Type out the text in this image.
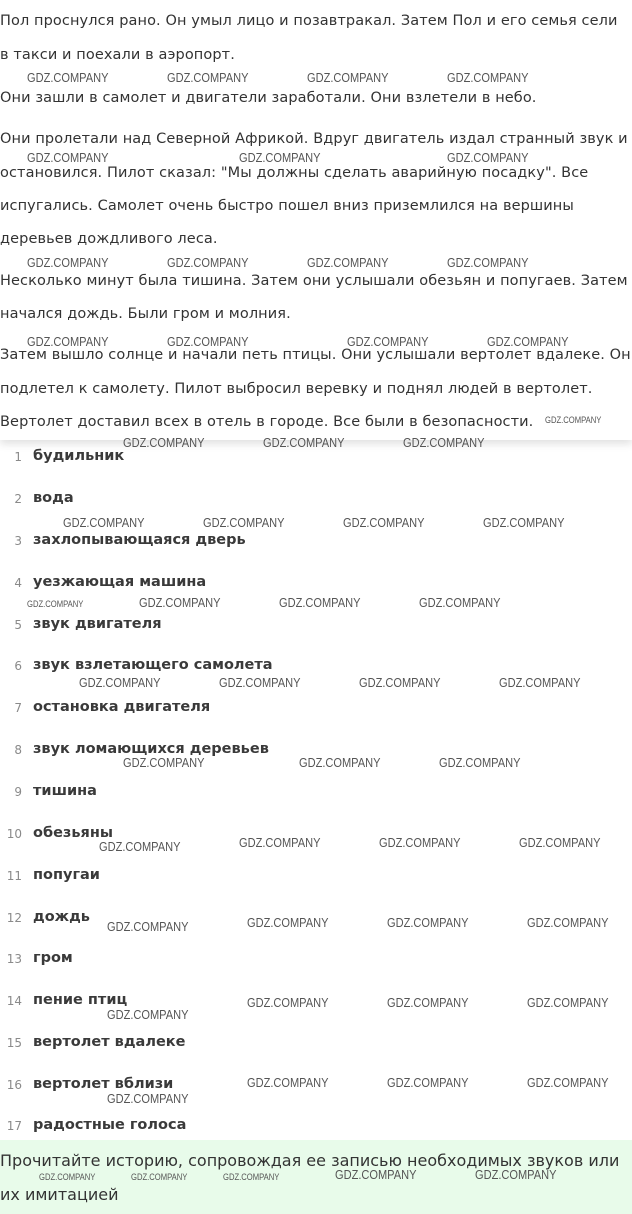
Пол проснулся рано. Он умыл лицо и позавтракал. Затем Пол и его семья сели
в такси и поехали в аэропорт.
Они зашли в самолет и двигатели заработали. Они взлетели в небо.
Они пролетали над Северной Африкой. Вдруг двигатель издал странный звук и
остановился. Пилот сказал: "Мы должны сделать аварийную посадку". Все
испугались. Самолет очень быстро пошел вниз приземлился на вершины
деревьев дождливого леса.
Несколько минут была тишина. Затем они услышали обезьян и попугаев. Затем
начался дождь. Были гром и молния.
Затем вышло солнце и начали петь птицы. Они услышали вертолет вдалеке. Он
подлетел к самолету. Пилот выбросил веревку и поднял людей в вертолет.
Вертолет доставил всех в отель в городе. Все были в безопасности.
1 будильник
2 вода
3 захлопывающаяся дверь
4 уезжающая машина
5 звук двигателя
6 звук взлетающего самолета
7 остановка двигателя
8 звук ломающихся деревьев
9 тишина
10 обезьяны
11 попугаи
12 дождь
13 гром
14 пение птиц
15 вертолет вдалеке
16 вертолет вблизи
17 радостные голоса
Прочитайте историю, сопровождая ее записью необходимых звуков или
их имитацией
GDZ.COMPANY	GDZ.COMPANY	GDZ.COMPANY	GDZ.COMPANY
GDZ.COMPANY	GDZ.COMPANY	GDZ.COMPANY
GDZ.COMPANY	GDZ.COMPANY	GDZ.COMPANY	GDZ.COMPANY
GDZ.COMPANY	GDZ.COMPANY	GDZ.COMPANY	GDZ.COMPANY
GDZ.COMPANY
GDZ.COMPANY	GDZ.COMPANY	GDZ.COMPANY
GDZ.COMPANY	GDZ.COMPANY	GDZ.COMPANY	GDZ.COMPANY
GDZ.COMPANY	GDZ.COMPANY	GDZ.COMPANY	GDZ.COMPANY
GDZ.COMPANY	GDZ.COMPANY	GDZ.COMPANY	GDZ.COMPANY
GDZ.COMPANY	GDZ.COMPANY	GDZ.COMPANY
GDZ.COMPANY	GDZ.COMPANY	GDZ.COMPANY	GDZ.COMPANY
GDZ.COMPANY	GDZ.COMPANY	GDZ.COMPANY	GDZ.COMPANY
GDZ.COMPANY
GDZ.COMPANY	GDZ.COMPANY	GDZ.COMPANY
GDZ.COMPANY
GDZ.COMPANY	GDZ.COMPANY	GDZ.COMPANY
GDZ.COMPANY	GDZ.COMPANY	GDZ.COMPANY	GDZ.COMPANY	GDZ.COMPANY
